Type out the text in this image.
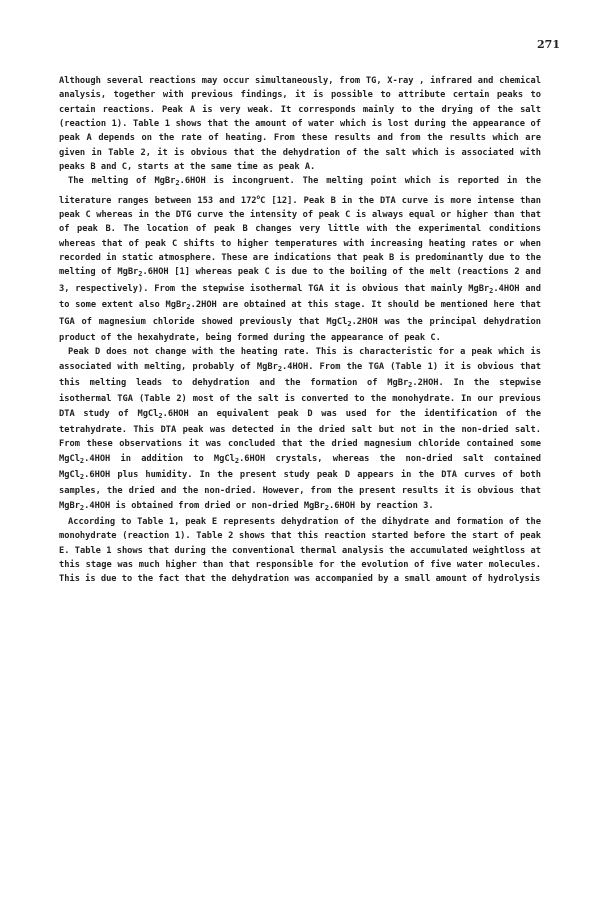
271

Although several reactions may occur simultaneously, from TG, X-ray , infrared and chemical analysis, together with previous findings, it is possible to attribute certain peaks to certain reactions. Peak A is very weak. It corresponds mainly to the drying of the salt (reaction 1). Table 1 shows that the amount of water which is lost during the appearance of peak A depends on the rate of heating. From these results and from the results which are given in Table 2, it is obvious that the dehydration of the salt which is associated with peaks B and C, starts at the same time as peak A.

The melting of MgBr$_2$.6HOH is incongruent. The melting point which is reported in the literature ranges between 153 and 172$^o$C [12]. Peak B in the DTA curve is more intense than peak C whereas in the DTG curve the intensity of peak C is always equal or higher than that of peak B. The location of peak B changes very little with the experimental conditions whereas that of peak C shifts to higher temperatures with increasing heating rates or when recorded in static atmosphere. These are indications that peak B is predominantly due to the melting of MgBr$_2$.6HOH [1] whereas peak C is due to the boiling of the melt (reactions 2 and 3, respectively). From the stepwise isothermal TGA it is obvious that mainly MgBr$_2$.4HOH and to some extent also MgBr$_2$.2HOH are obtained at this stage. It should be mentioned here that TGA of magnesium chloride showed previously that MgCl$_2$.2HOH was the principal dehydration product of the hexahydrate, being formed during the appearance of peak C.

Peak D does not change with the heating rate. This is characteristic for a peak which is associated with melting, probably of MgBr$_2$.4HOH. From the TGA (Table 1) it is obvious that this melting leads to dehydration and the formation of MgBr$_2$.2HOH. In the stepwise isothermal TGA (Table 2) most of the salt is converted to the monohydrate. In our previous DTA study of MgCl$_2$.6HOH an equivalent peak D was used for the identification of the tetrahydrate. This DTA peak was detected in the dried salt but not in the non-dried salt. From these observations it was concluded that the dried magnesium chloride contained some MgCl$_2$.4HOH in addition to MgCl$_2$.6HOH crystals, whereas the non-dried salt contained MgCl$_2$.6HOH plus humidity. In the present study peak D appears in the DTA curves of both samples, the dried and the non-dried. However, from the present results it is obvious that MgBr$_2$.4HOH is obtained from dried or non-dried MgBr$_2$.6HOH by reaction 3.

According to Table 1, peak E represents dehydration of the dihydrate and formation of the monohydrate (reaction 1). Table 2 shows that this reaction started before the start of peak E. Table 1 shows that during the conventional thermal analysis the accumulated weightloss at this stage was much higher than that responsible for the evolution of five water molecules. This is due to the fact that the dehydration was accompanied by a small amount of hydrolysis
